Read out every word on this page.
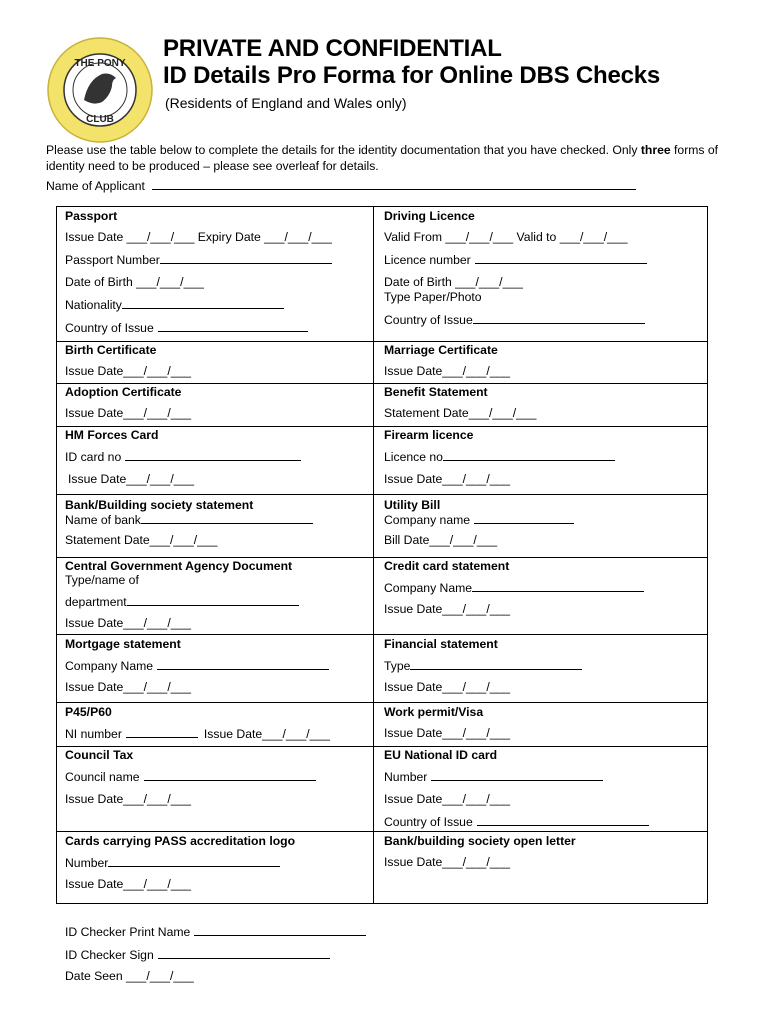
THE PONY
CLUB
PRIVATE AND CONFIDENTIAL
ID Details Pro Forma for Online DBS Checks
(Residents of England and Wales only)
Please use the table below to complete the details for the identity documentation that you have checked. Only three forms of identity need to be produced – please see overleaf for details.
Name of Applicant
Passport
Issue Date ___/___/___ Expiry Date ___/___/___
Passport Number
Date of Birth ___/___/___
Nationality
Country of Issue
Birth Certificate
Issue Date___/___/___
Adoption Certificate
Issue Date___/___/___
HM Forces Card
ID card no
Issue Date___/___/___
Bank/Building society statement
Name of bank
Statement Date___/___/___
Central Government Agency Document
Type/name of
department
Issue Date___/___/___
Mortgage statement
Company Name
Issue Date___/___/___
P45/P60
NI number	Issue Date___/___/___
Council Tax
Council name
Issue Date___/___/___
Cards carrying PASS accreditation logo
Number
Issue Date___/___/___
Driving Licence
Valid From ___/___/___ Valid to ___/___/___
Licence number
Date of Birth ___/___/___
Type Paper/Photo
Country of Issue
Marriage Certificate
Issue Date___/___/___
Benefit Statement
Statement Date___/___/___
Firearm licence
Licence no
Issue Date___/___/___
Utility Bill
Company name
Bill Date___/___/___
Credit card statement
Company Name
Issue Date___/___/___
Financial statement
Type
Issue Date___/___/___
Work permit/Visa
Issue Date___/___/___
EU National ID card
Number
Issue Date___/___/___
Country of Issue
Bank/building society open letter
Issue Date___/___/___
ID Checker Print Name
ID Checker Sign
Date Seen ___/___/___
